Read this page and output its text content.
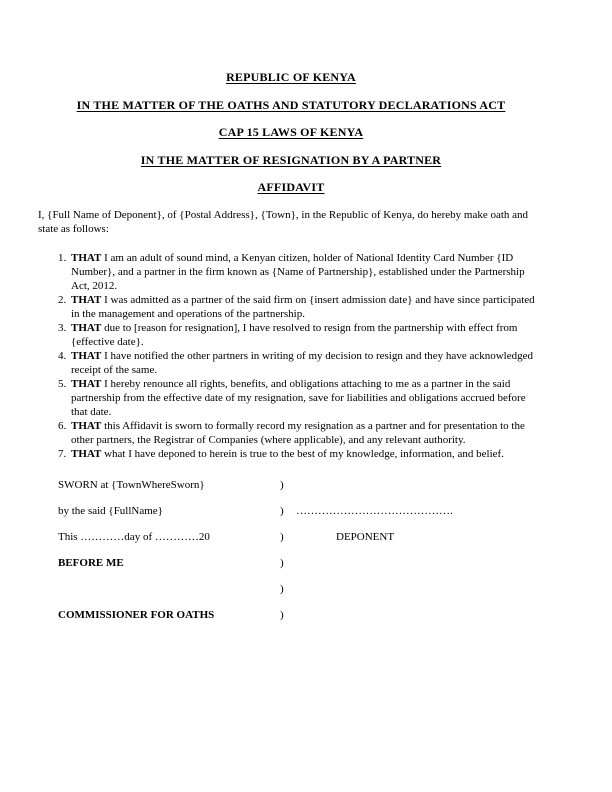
REPUBLIC OF KENYA
IN THE MATTER OF THE OATHS AND STATUTORY DECLARATIONS ACT
CAP 15 LAWS OF KENYA
IN THE MATTER OF RESIGNATION BY A PARTNER
AFFIDAVIT

I, {Full Name of Deponent}, of {Postal Address}, {Town}, in the Republic of Kenya, do hereby make oath and state as follows:

1. THAT I am an adult of sound mind, a Kenyan citizen, holder of National Identity Card Number {ID Number}, and a partner in the firm known as {Name of Partnership}, established under the Partnership Act, 2012.
2. THAT I was admitted as a partner of the said firm on {insert admission date} and have since participated in the management and operations of the partnership.
3. THAT due to [reason for resignation], I have resolved to resign from the partnership with effect from {effective date}.
4. THAT I have notified the other partners in writing of my decision to resign and they have acknowledged receipt of the same.
5. THAT I hereby renounce all rights, benefits, and obligations attaching to me as a partner in the said partnership from the effective date of my resignation, save for liabilities and obligations accrued before that date.
6. THAT this Affidavit is sworn to formally record my resignation as a partner and for presentation to the other partners, the Registrar of Companies (where applicable), and any relevant authority.
7. THAT what I have deponed to herein is true to the best of my knowledge, information, and belief.
SWORN at {TownWhereSworn}	)
by the said {FullName}	)	…………………………………….
This …………day of …………20	)	DEPONENT
BEFORE ME	)
)
COMMISSIONER FOR OATHS	)
